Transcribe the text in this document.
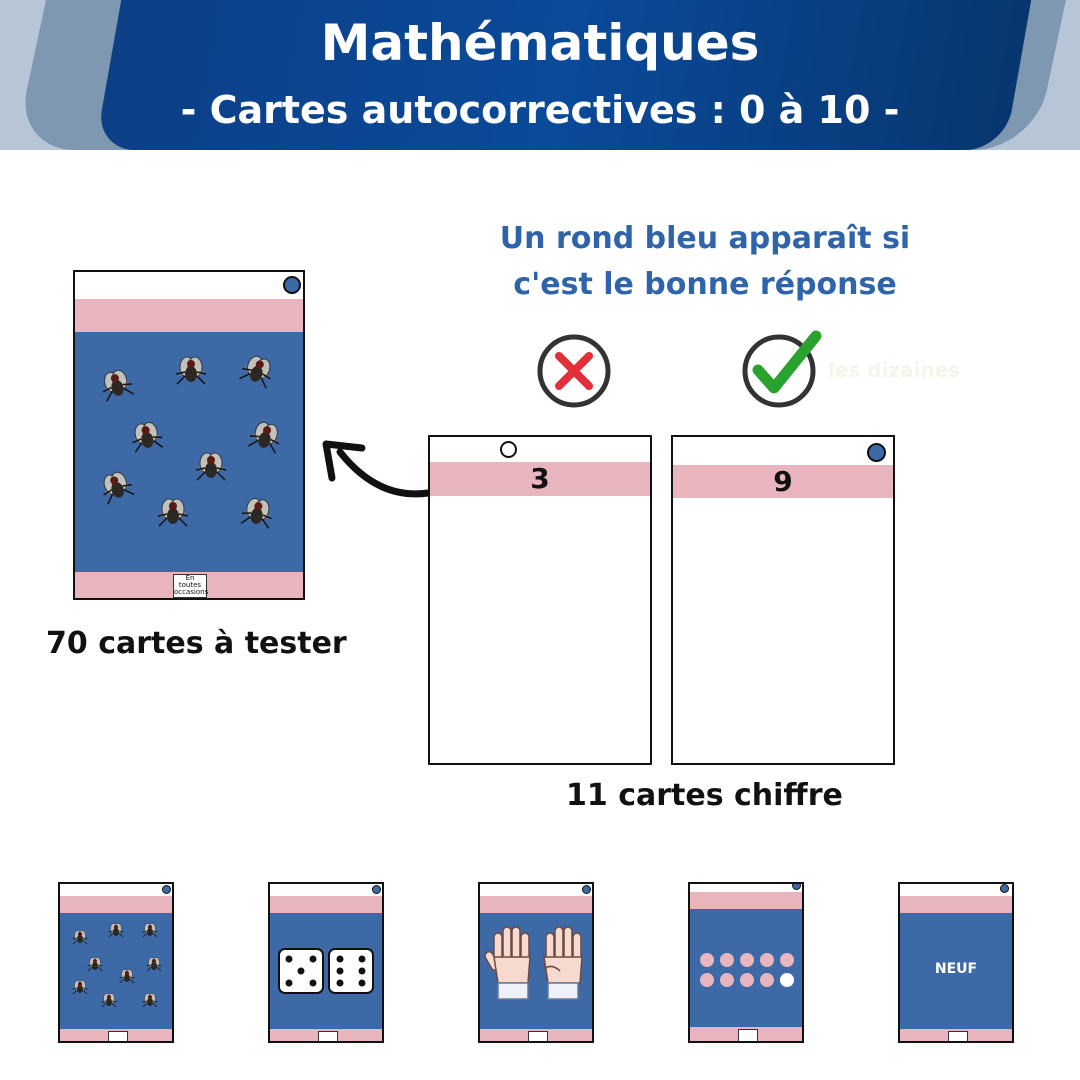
Mathématiques
- Cartes autocorrectives : 0 à 10 -
En toutes
occasions
70 cartes à tester
Un rond bleu apparaît si
c'est le bonne réponse
les dizaines
3	9
11 cartes chiffre
NEUF
